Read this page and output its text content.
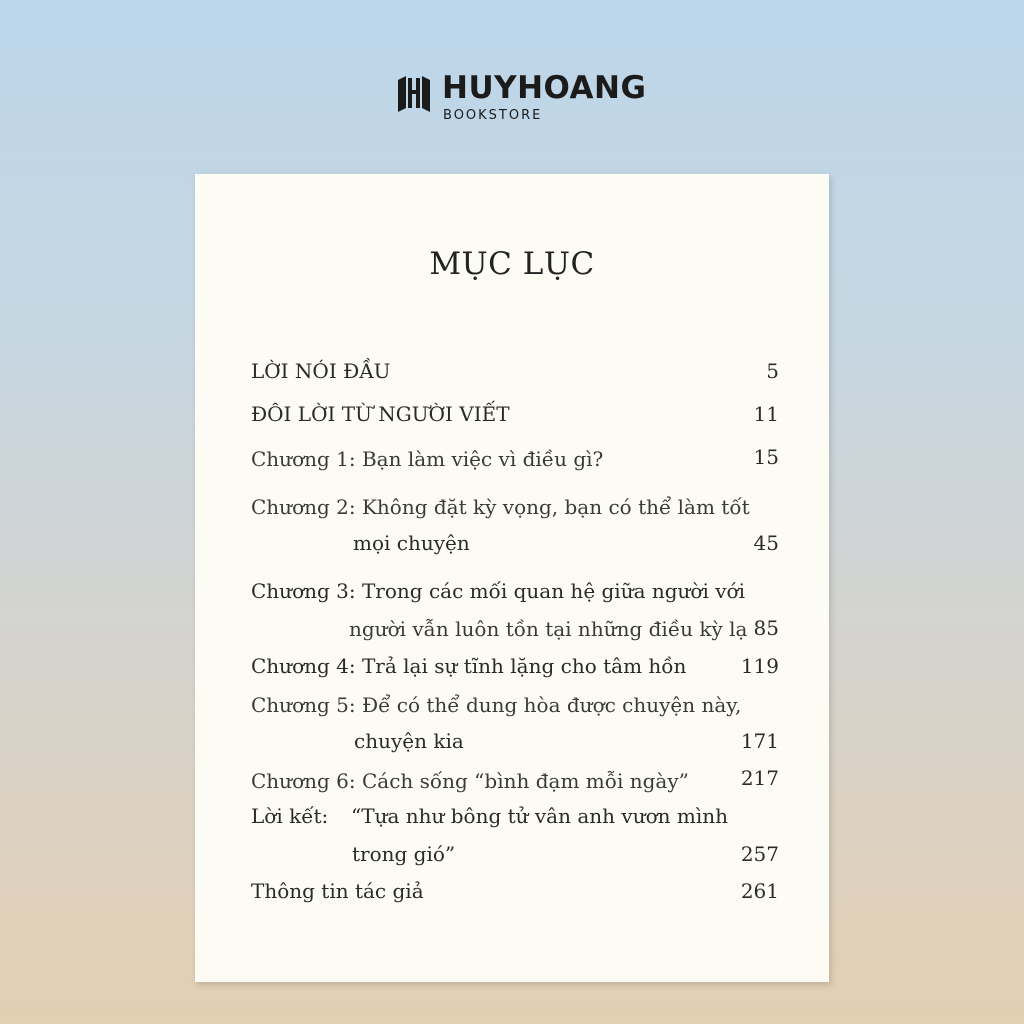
HUYHOANG
BOOKSTORE
MỤC LỤC
LỜI NÓI ĐẦU	5
ĐÔI LỜI TỪ NGƯỜI VIẾT	11
Chương 1: Bạn làm việc vì điều gì?	15
Chương 2: Không đặt kỳ vọng, bạn có thể làm tốt
mọi chuyện	45
Chương 3: Trong các mối quan hệ giữa người với
người vẫn luôn tồn tại những điều kỳ lạ 85
Chương 4: Trả lại sự tĩnh lặng cho tâm hồn	119
Chương 5: Để có thể dung hòa được chuyện này,
chuyện kia	171
Chương 6: Cách sống “bình đạm mỗi ngày”	217
Lời kết: “Tựa như bông tử vân anh vươn mình
trong gió”	257
Thông tin tác giả	261
